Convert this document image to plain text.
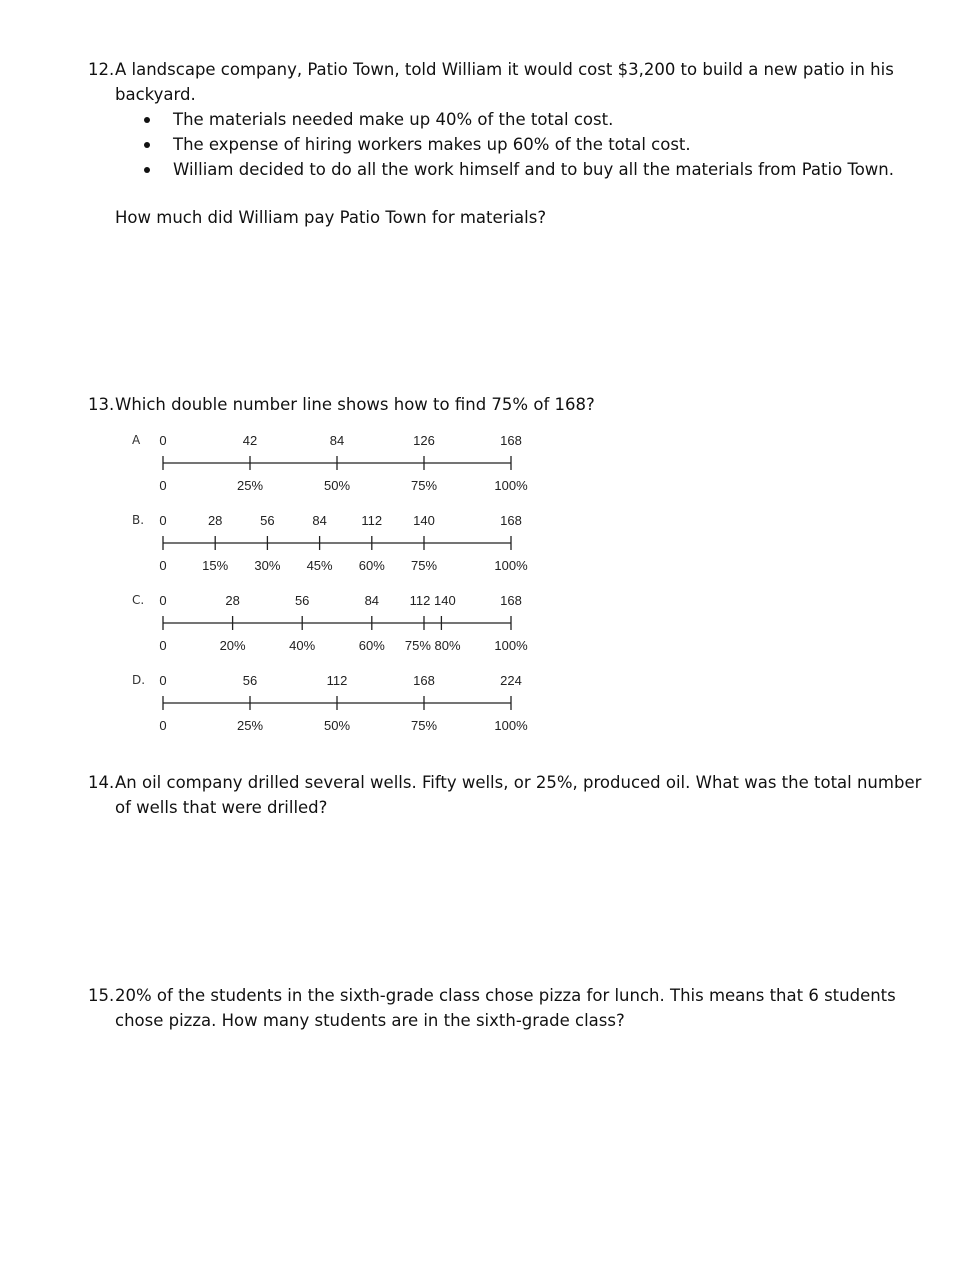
12. A landscape company, Patio Town, told William it would cost $3,200 to build a new patio in his backyard.
The materials needed make up 40% of the total cost.
The expense of hiring workers makes up 60% of the total cost.
William decided to do all the work himself and to buy all the materials from Patio Town.
How much did William pay Patio Town for materials?
13. Which double number line shows how to find 75% of 168?
A 0
0
42
25%
84
50%
126
75%
168
100%
B. 0
0
28
15%
56
30%
84
45%
112
60%
140
75%
168
100%
C. 0
0
28
20%
56
40%
84
60%
168
100%
112 140
75% 80%
D. 0
0
56
25%
112
50%
168
75%
224
100%
14. An oil company drilled several wells. Fifty wells, or 25%, produced oil. What was the total number of wells that were drilled?
15. 20% of the students in the sixth-grade class chose pizza for lunch. This means that 6 students chose pizza. How many students are in the sixth-grade class?
